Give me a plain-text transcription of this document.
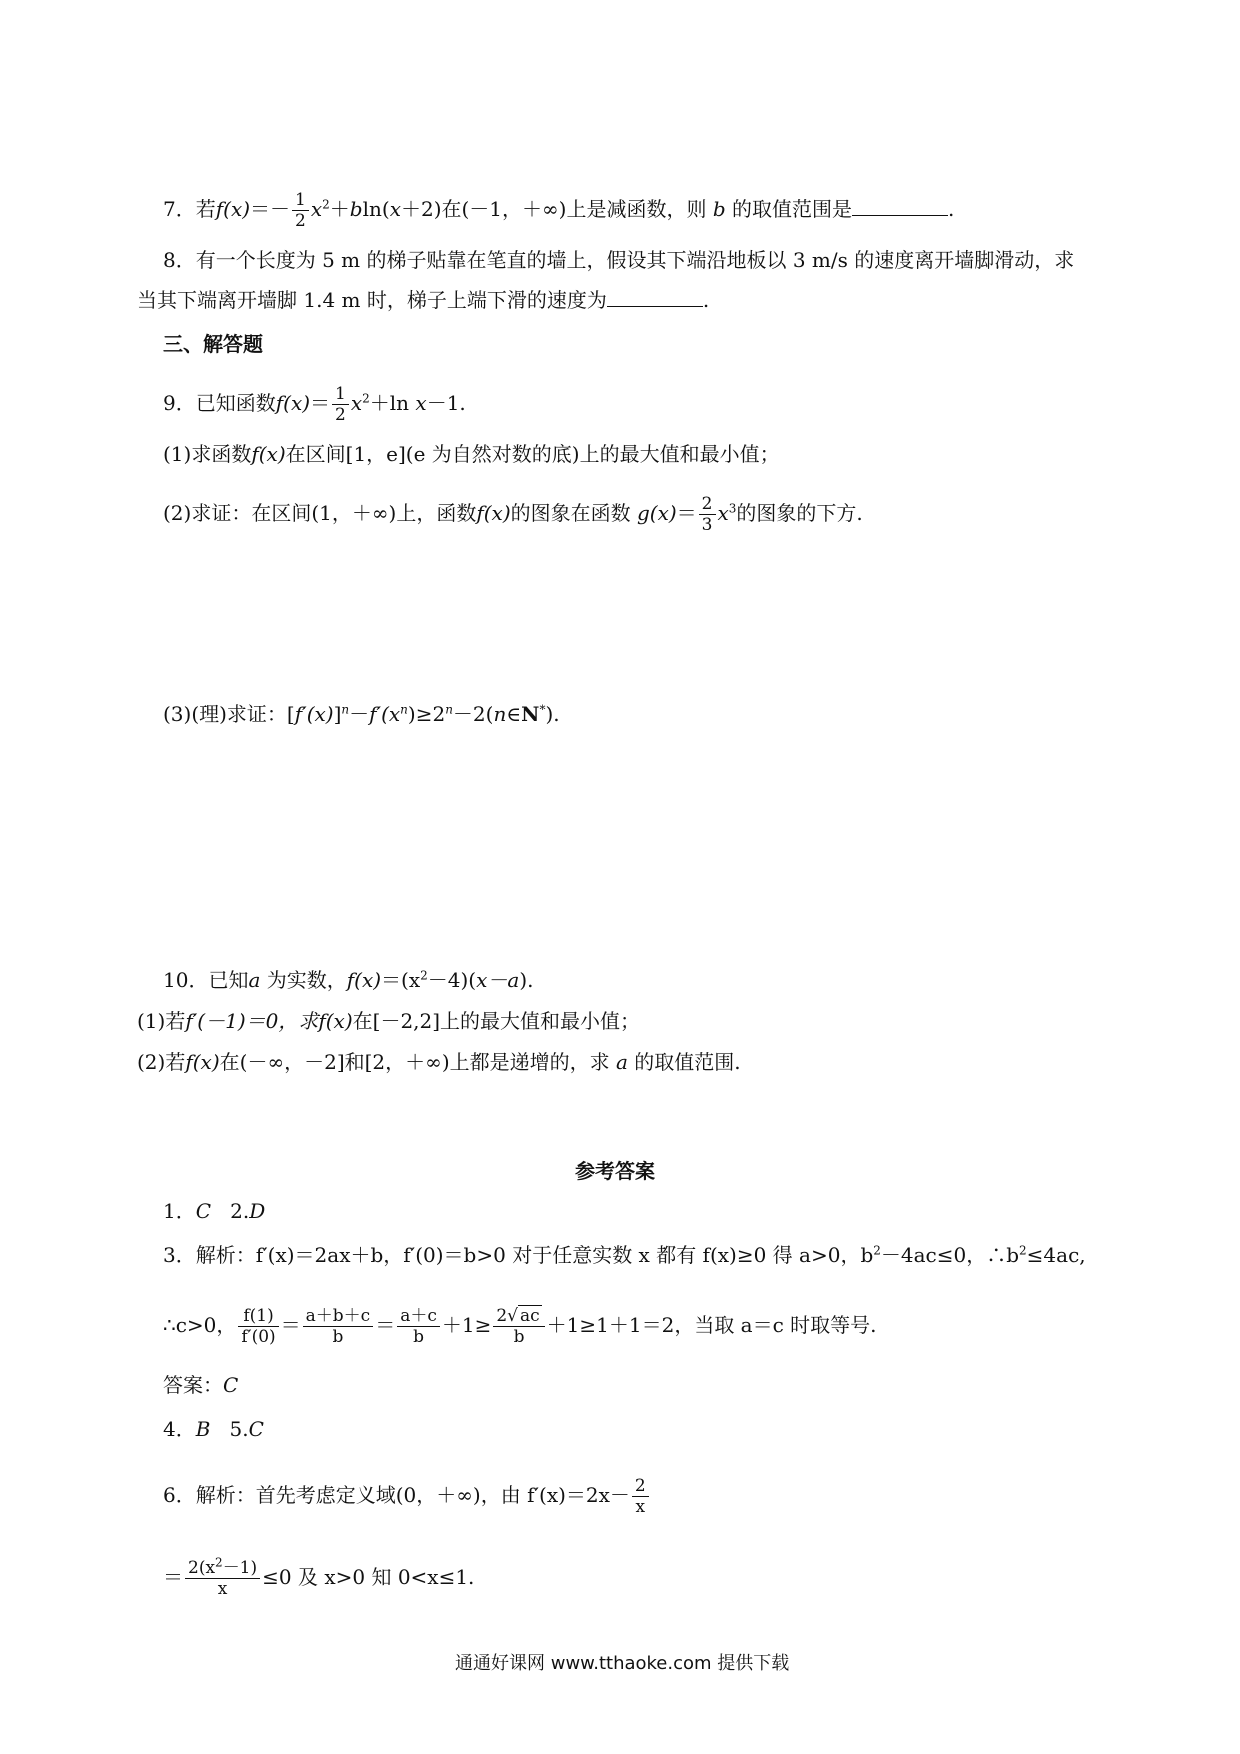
7．若$f(x)=- \frac{1}{2} x^2+bln(x+2)$在(－1，＋∞)上是减函数，则 b 的取值范围是	.
8．有一个长度为 5 m 的梯子贴靠在笔直的墙上，假设其下端沿地板以 3 m/s 的速度离开墙脚滑动，求
当其下端离开墙脚 1.4 m 时，梯子上端下滑的速度为	.
三、解答题
9．已知函数$f(x)= \frac{1}{2} x^2+\ln$ x－1.
(1)求函数f(x)在区间[1，e](e 为自然对数的底)上的最大值和最小值；
(2)求证：在区间(1，＋∞)上，函数f(x)的图象在函数 $g(x)= \frac{2}{3} x^3$的图象的下方.
(3)(理)求证：$[f'(x)]^n-f'(x^n)\ge 2^n-2(n\in N^*)$.
10．已知a 为实数，$f(x)=(x^2-4)(x-a)$.
(1)若f′(－1)＝0，求f(x)在[－2,2]上的最大值和最小值；
(2)若f(x)在(－∞，－2]和[2，＋∞)上都是递增的，求 a 的取值范围.
参考答案
1．C 2.D
3．解析：f′(x)＝2ax＋b，f′(0)＝b>0 对于任意实数 x 都有 f(x)≥0 得 a>0，$b^2-4ac\le 0$，$\therefore b^2\le 4ac$,
∴c>0， $\frac{f(1)}{f'(0)} = \frac{a+b+c}{b} = \frac{a+c}{b} +1\ge \frac{2√ ac}{b} +1\ge 1+1=2$，当取 a＝c 时取等号.
答案：C
4．B 5.C
6．解析：首先考虑定义域(0，＋∞)，由 $f'(x)=2x- \frac{2}{x}$
＝ $\frac{2(x^2-1)}{x} \le 0$ 及 x>0 知 0<x≤1.
通通好课网 www.tthaoke.com 提供下载
